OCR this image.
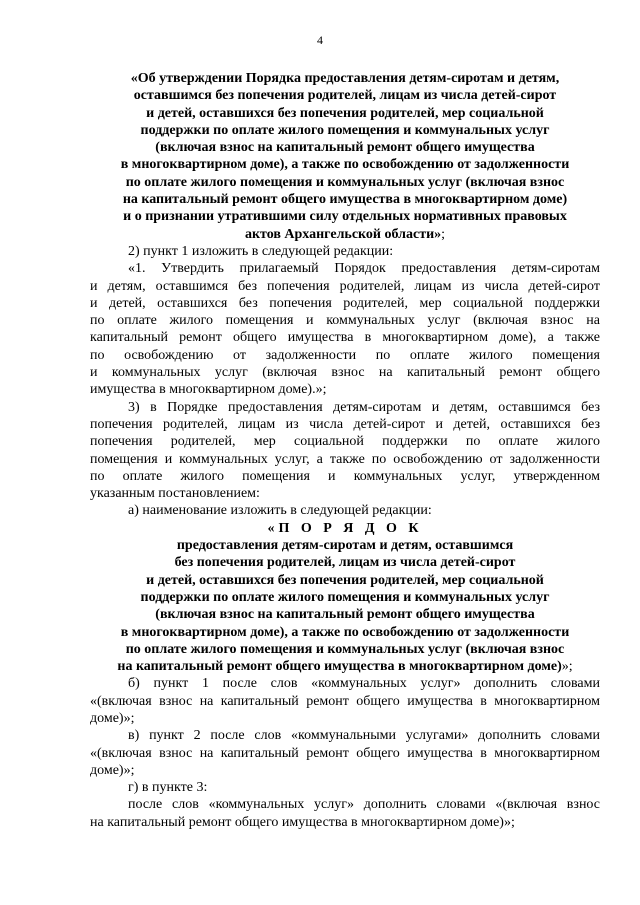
4
«Об утверждении Порядка предоставления детям-сиротам и детям,
оставшимся без попечения родителей, лицам из числа детей-сирот
и детей, оставшихся без попечения родителей, мер социальной
поддержки по оплате жилого помещения и коммунальных услуг
(включая взнос на капитальный ремонт общего имущества
в многоквартирном доме), а также по освобождению от задолженности
по оплате жилого помещения и коммунальных услуг (включая взнос
на капитальный ремонт общего имущества в многоквартирном доме)
и о признании утратившими силу отдельных нормативных правовых
актов Архангельской области»;
2) пункт 1 изложить в следующей редакции:
«1. Утвердить прилагаемый Порядок предоставления детям-сиротам
и детям, оставшимся без попечения родителей, лицам из числа детей-сирот
и детей, оставшихся без попечения родителей, мер социальной поддержки
по оплате жилого помещения и коммунальных услуг (включая взнос на
капитальный ремонт общего имущества в многоквартирном доме), а также
по освобождению от задолженности по оплате жилого помещения
и коммунальных услуг (включая взнос на капитальный ремонт общего
имущества в многоквартирном доме).»;
3) в Порядке предоставления детям-сиротам и детям, оставшимся без
попечения родителей, лицам из числа детей-сирот и детей, оставшихся без
попечения родителей, мер социальной поддержки по оплате жилого
помещения и коммунальных услуг, а также по освобождению от задолженности
по оплате жилого помещения и коммунальных услуг, утвержденном
указанным постановлением:
а) наименование изложить в следующей редакции:
«П О Р Я Д О К
предоставления детям-сиротам и детям, оставшимся
без попечения родителей, лицам из числа детей-сирот
и детей, оставшихся без попечения родителей, мер социальной
поддержки по оплате жилого помещения и коммунальных услуг
(включая взнос на капитальный ремонт общего имущества
в многоквартирном доме), а также по освобождению от задолженности
по оплате жилого помещения и коммунальных услуг (включая взнос
на капитальный ремонт общего имущества в многоквартирном доме)»;
б) пункт 1 после слов «коммунальных услуг» дополнить словами
«(включая взнос на капитальный ремонт общего имущества в многоквартирном
доме)»;
в) пункт 2 после слов «коммунальными услугами» дополнить словами
«(включая взнос на капитальный ремонт общего имущества в многоквартирном
доме)»;
г) в пункте 3:
после слов «коммунальных услуг» дополнить словами «(включая взнос
на капитальный ремонт общего имущества в многоквартирном доме)»;
